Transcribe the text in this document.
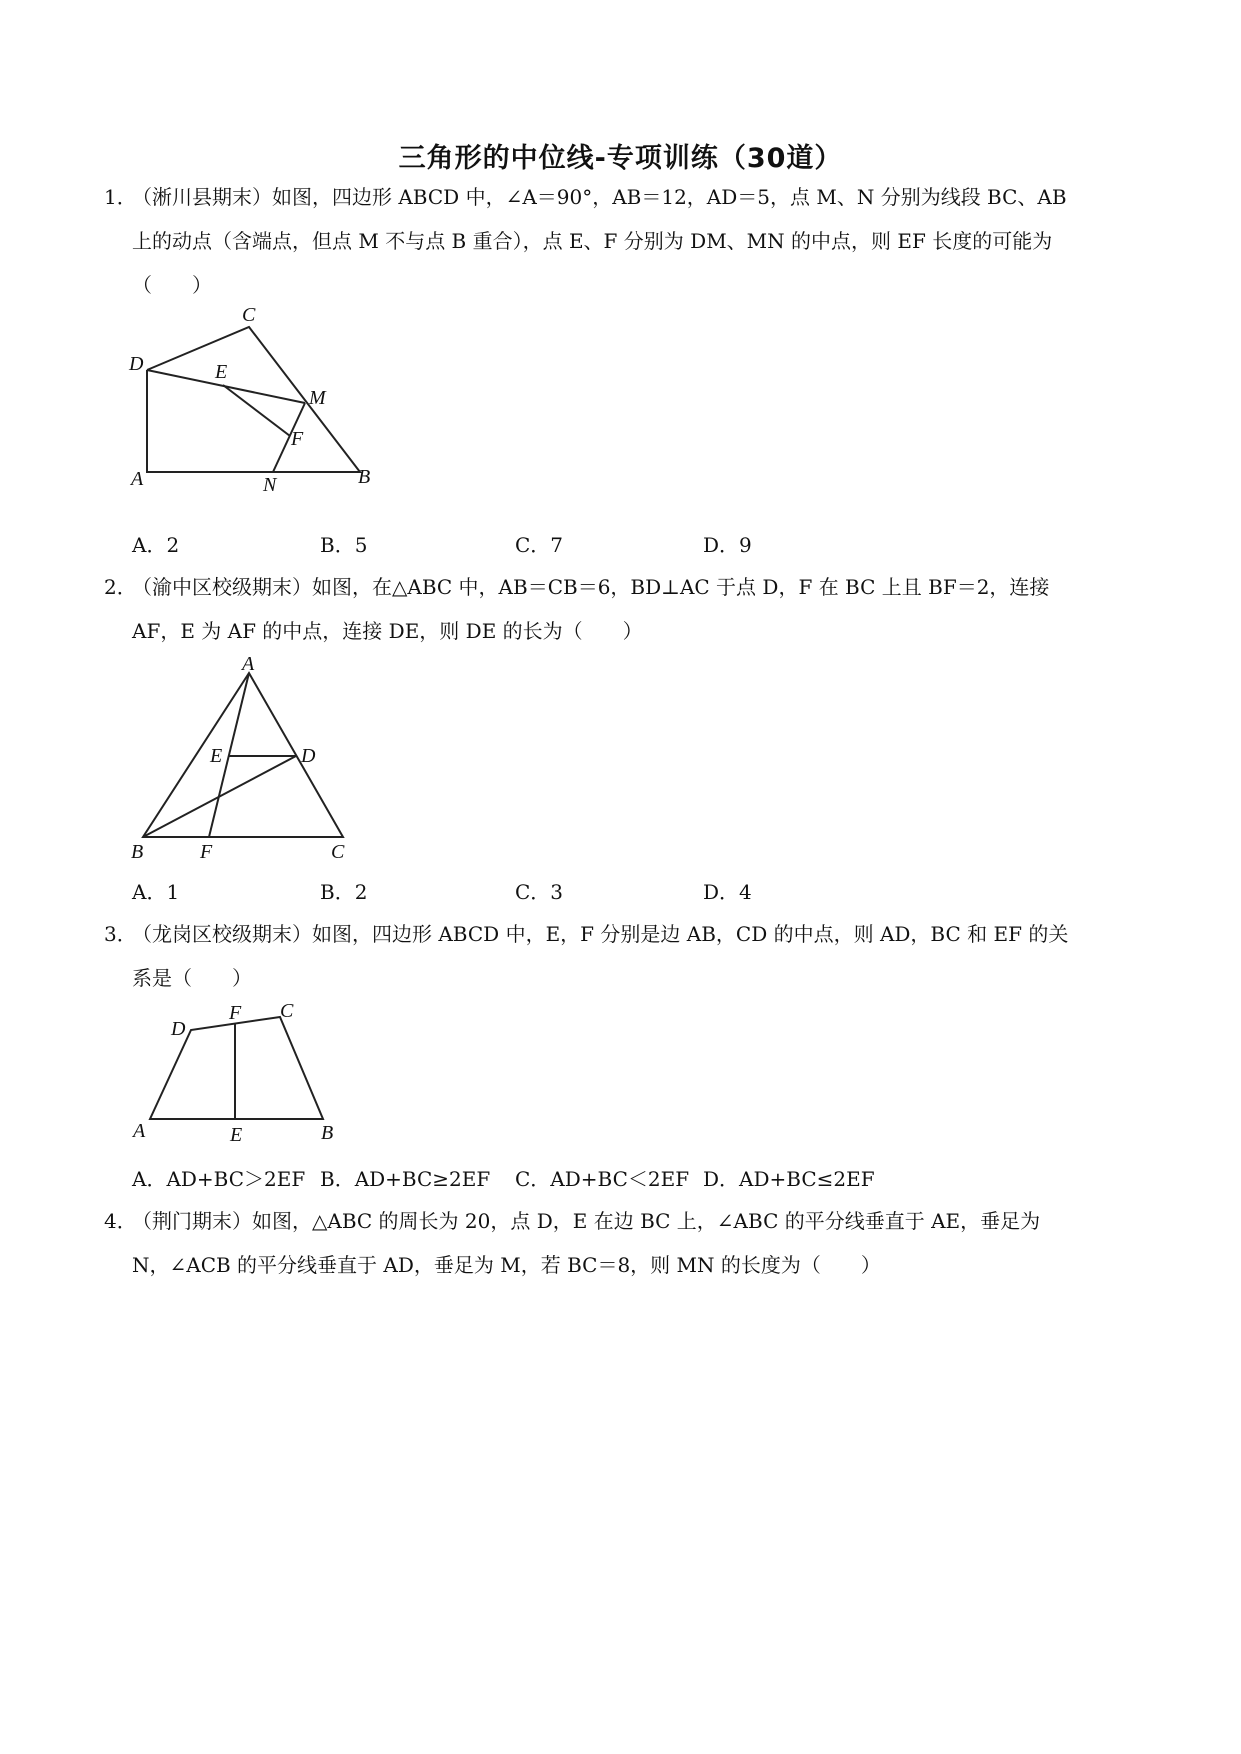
三角形的中位线-专项训练（30道）
1．
（淅川县期末）如图，四边形 ABCD 中，∠A＝90°，AB＝12，AD＝5，点 M、N 分别为线段 BC、AB
上的动点（含端点，但点 M 不与点 B 重合），点 E、F 分别为 DM、MN 的中点，则 EF 长度的可能为
（　　）
D
C
E
M
F
A	N	B
A．2	B．5	C．7	D．9
2．
（渝中区校级期末）如图，在△ABC 中，AB＝CB＝6，BD⊥AC 于点 D，F 在 BC 上且 BF＝2，连接
AF，E 为 AF 的中点，连接 DE，则 DE 的长为（　　）
A
E	D
B	F	C
A．1	B．2	C．3	D．4
3．
（龙岗区校级期末）如图，四边形 ABCD 中，E，F 分别是边 AB，CD 的中点，则 AD，BC 和 EF 的关
系是（　　）
D
F C
A	E	B
A．AD+BC＞2EF B．AD+BC≥2EF C．AD+BC＜2EF D．AD+BC≤2EF
4．
（荆门期末）如图，△ABC 的周长为 20，点 D，E 在边 BC 上，∠ABC 的平分线垂直于 AE，垂足为
N，∠ACB 的平分线垂直于 AD，垂足为 M，若 BC＝8，则 MN 的长度为（　　）
